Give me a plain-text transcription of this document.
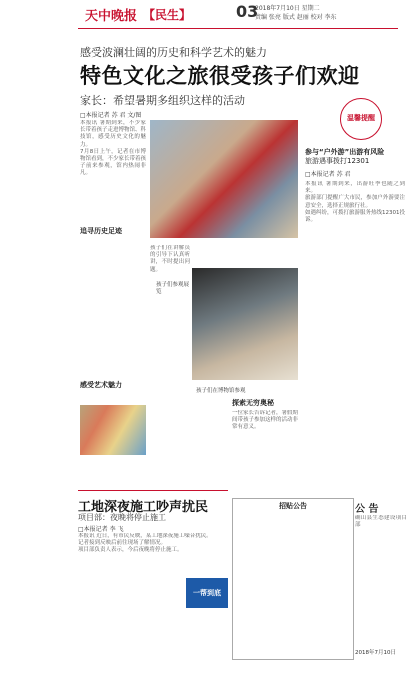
天中晚报 【民生】	03
2018年7月10日 星期二
责编 张亮 版式 赵丽 校对 李东
感受波澜壮阔的历史和科学艺术的魅力
特色文化之旅很受孩子们欢迎
家长：希望暑期多组织这样的活动
□本报记者 苏 君 文/图
本报讯 暑期到来，不少家长带着孩子走进博物馆、科技馆，感受历史文化的魅力。
7月8日上午，记者在市博物馆看到，不少家长带着孩子前来参观，馆内热闹非凡。
追寻历史足迹
感受艺术魅力
孩子们参观展览
孩子们在博物馆参观
孩子们在讲解员的引导下认真听讲，不时提出问题。
探索无穷奥秘
一位家长告诉记者，暑假期间带孩子参加这样的活动非常有意义。
温馨提醒
参与“户外游”出游有风险
旅游遇事拨打12301
□本报记者 苏 君
本报讯 暑期到来，出游旺季也随之到来。
旅游部门提醒广大市民，参加户外游要注意安全，选择正规旅行社。
如遇纠纷，可拨打旅游服务热线12301投诉。
工地深夜施工吵声扰民
项目部：夜晚将停止施工
□本报记者 李 飞
本报讯 近日，有市民反映，某工地深夜施工噪音扰民。
记者接到反映后前往现场了解情况。
项目部负责人表示，今后夜晚将停止施工。
一帮到底
招贴公告	公 告
确山县生态建设项目部
2018年7月10日
